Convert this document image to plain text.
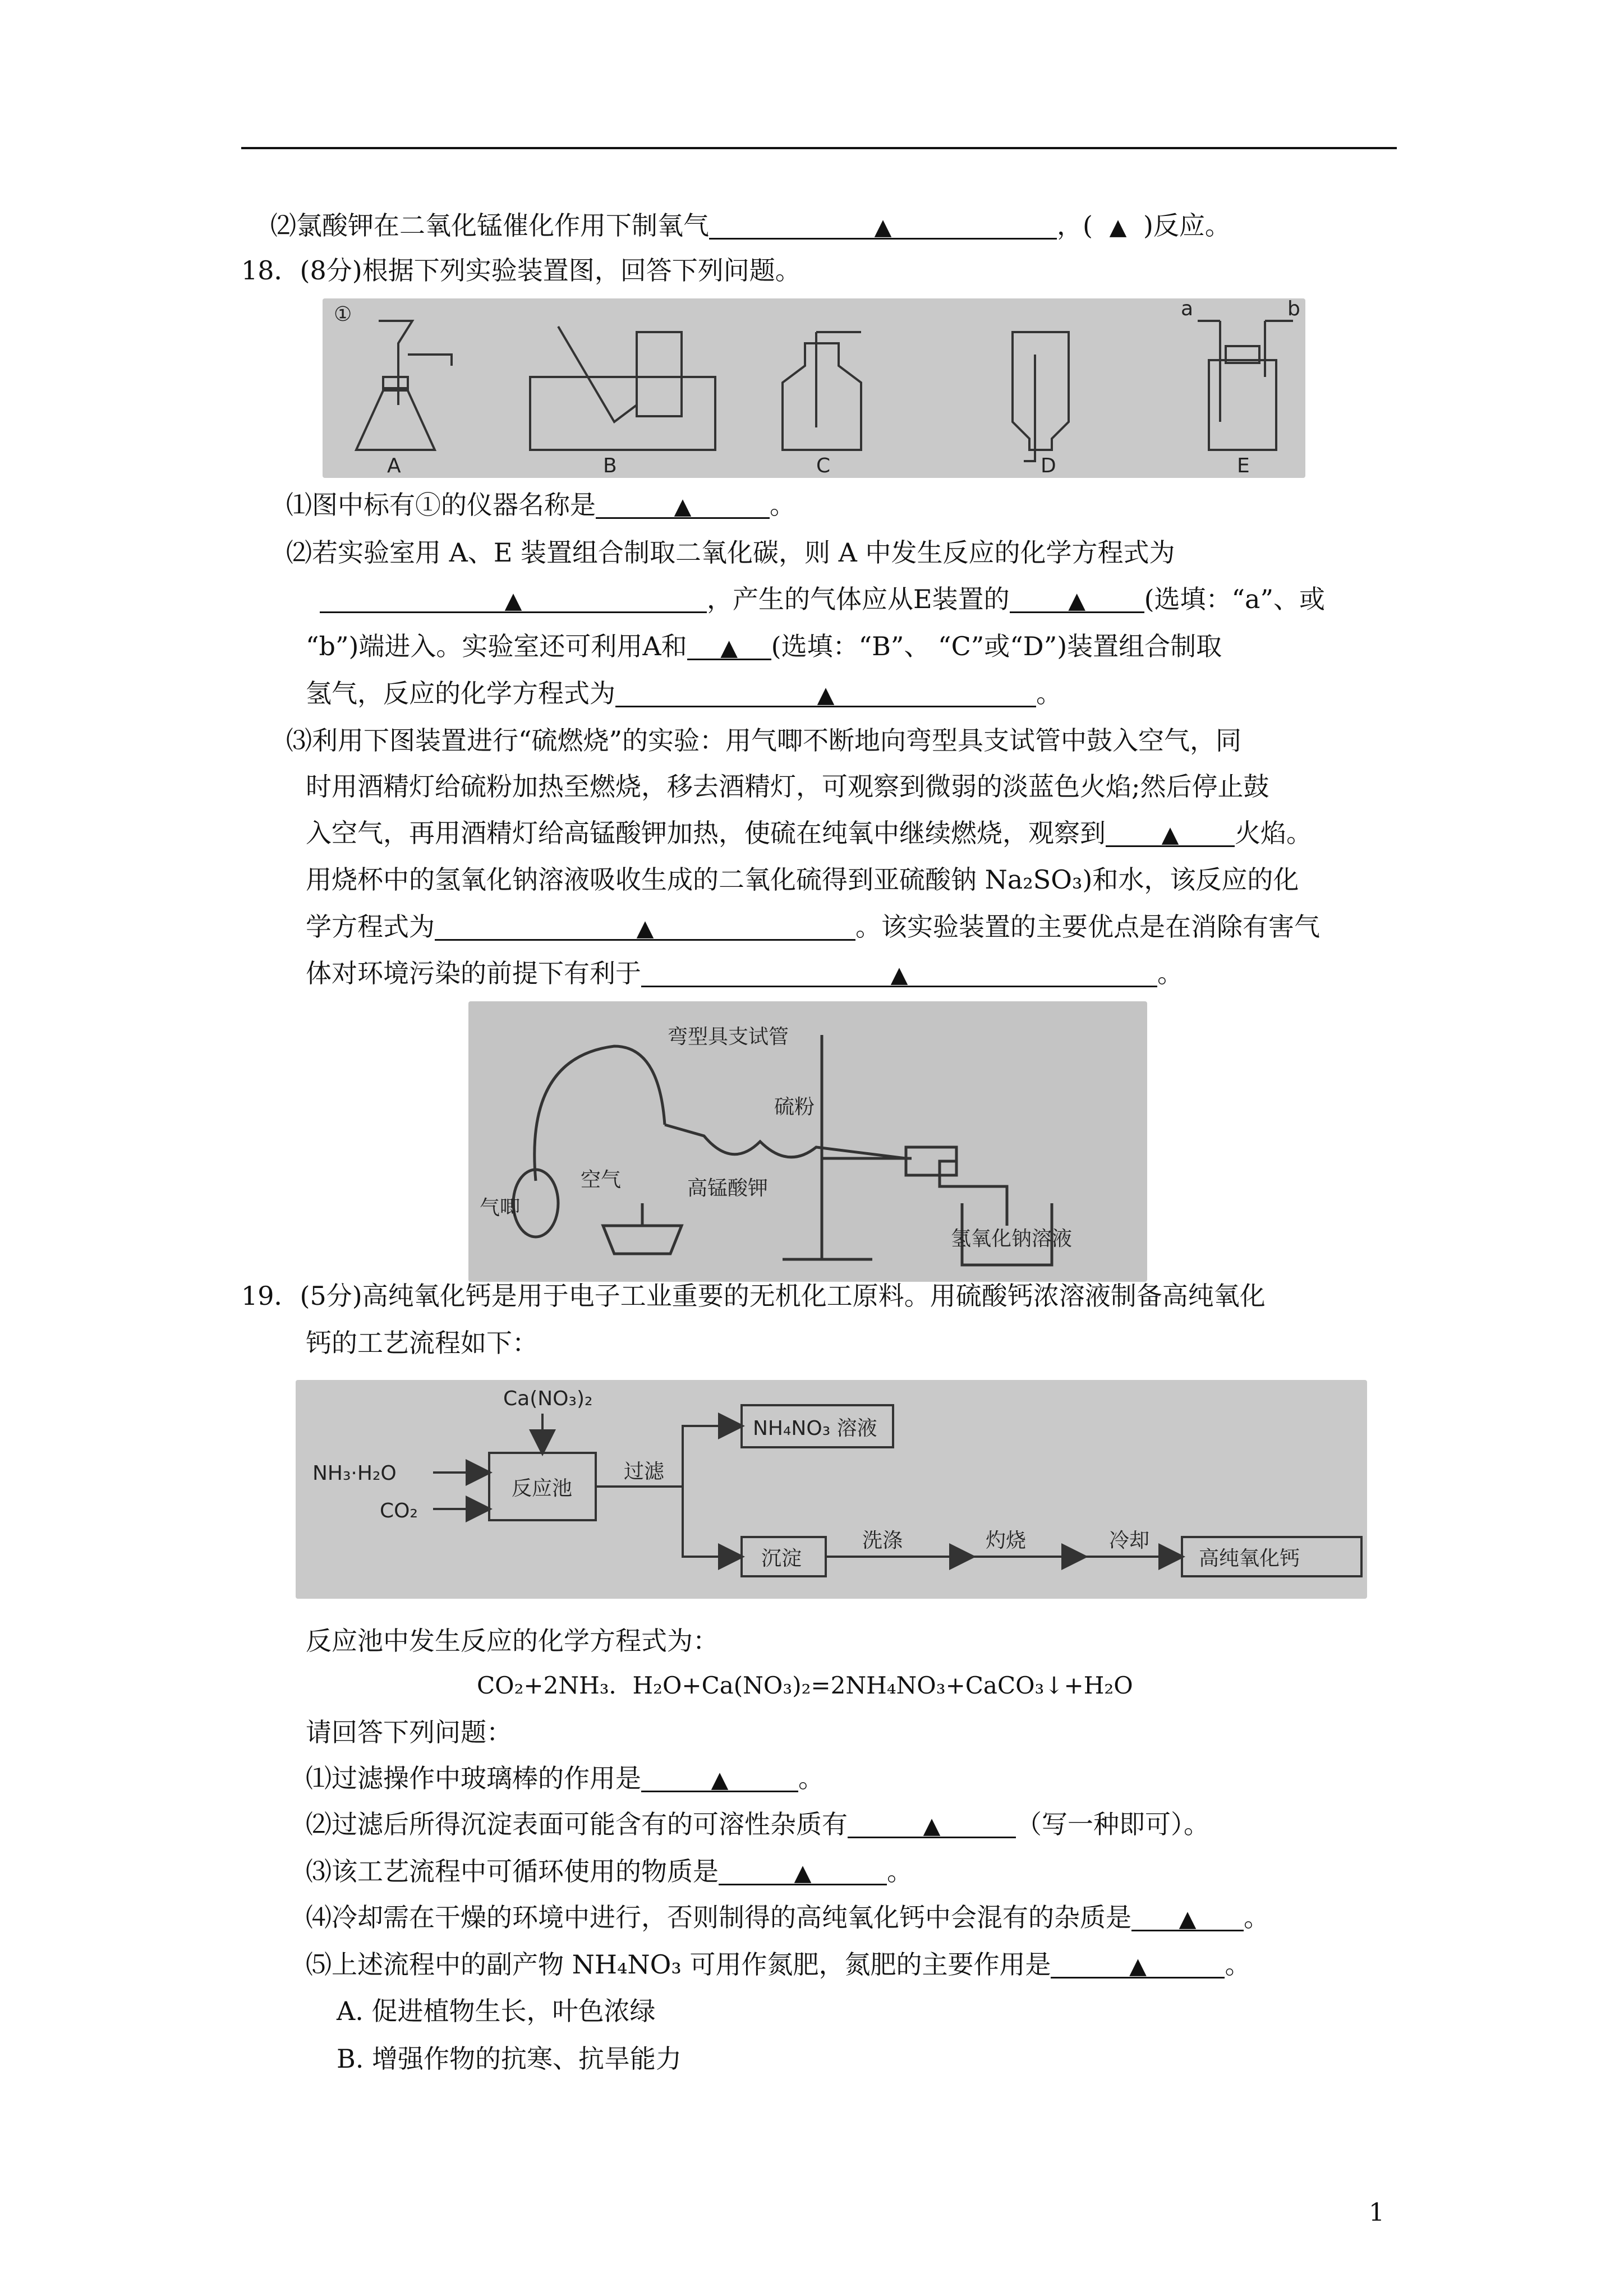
⑵氯酸钾在二氧化锰催化作用下制氧气	▲	，( ▲ )反应。
18．(8分)根据下列实验装置图，回答下列问题。
①	a	b
A	B	C	D	E
⑴图中标有①的仪器名称是	▲	。
⑵若实验室用 A、E 装置组合制取二氧化碳，则 A 中发生反应的化学方程式为
▲	，产生的气体应从E装置的	▲ (选填：“a”、或
“b”)端进入。实验室还可利用A和 ▲ (选填：“B”、 “C”或“D”)装置组合制取
氢气，反应的化学方程式为	▲	。
⑶利用下图装置进行“硫燃烧”的实验：用气唧不断地向弯型具支试管中鼓入空气，同
时用酒精灯给硫粉加热至燃烧，移去酒精灯，可观察到微弱的淡蓝色火焰;然后停止鼓
入空气，再用酒精灯给高锰酸钾加热，使硫在纯氧中继续燃烧，观察到 ▲ 火焰。
用烧杯中的氢氧化钠溶液吸收生成的二氧化硫得到亚硫酸钠 Na₂SO₃)和水，该反应的化
学方程式为	▲	。该实验装置的主要优点是在消除有害气
体对环境污染的前提下有利于	▲	。
弯型具支试管
硫粉
高锰酸钾
气唧
空气
氢氧化钠溶液
19．(5分)高纯氧化钙是用于电子工业重要的无机化工原料。用硫酸钙浓溶液制备高纯氧化
钙的工艺流程如下：
Ca(NO₃)₂
NH₃·H₂O
CO₂
反应池
过滤
NH₄NO₃ 溶液
沉淀
洗涤	灼烧	冷却
高纯氧化钙
反应池中发生反应的化学方程式为：
CO₂+2NH₃．H₂O+Ca(NO₃)₂=2NH₄NO₃+CaCO₃↓+H₂O
请回答下列问题：
⑴过滤操作中玻璃棒的作用是	▲	。
⑵过滤后所得沉淀表面可能含有的可溶性杂质有	▲	（写一种即可）。
⑶该工艺流程中可循环使用的物质是	▲	。
⑷冷却需在干燥的环境中进行，否则制得的高纯氧化钙中会混有的杂质是 ▲ 。
⑸上述流程中的副产物 NH₄NO₃ 可用作氮肥，氮肥的主要作用是	▲	。
A. 促进植物生长，叶色浓绿
B. 增强作物的抗寒、抗旱能力
1
